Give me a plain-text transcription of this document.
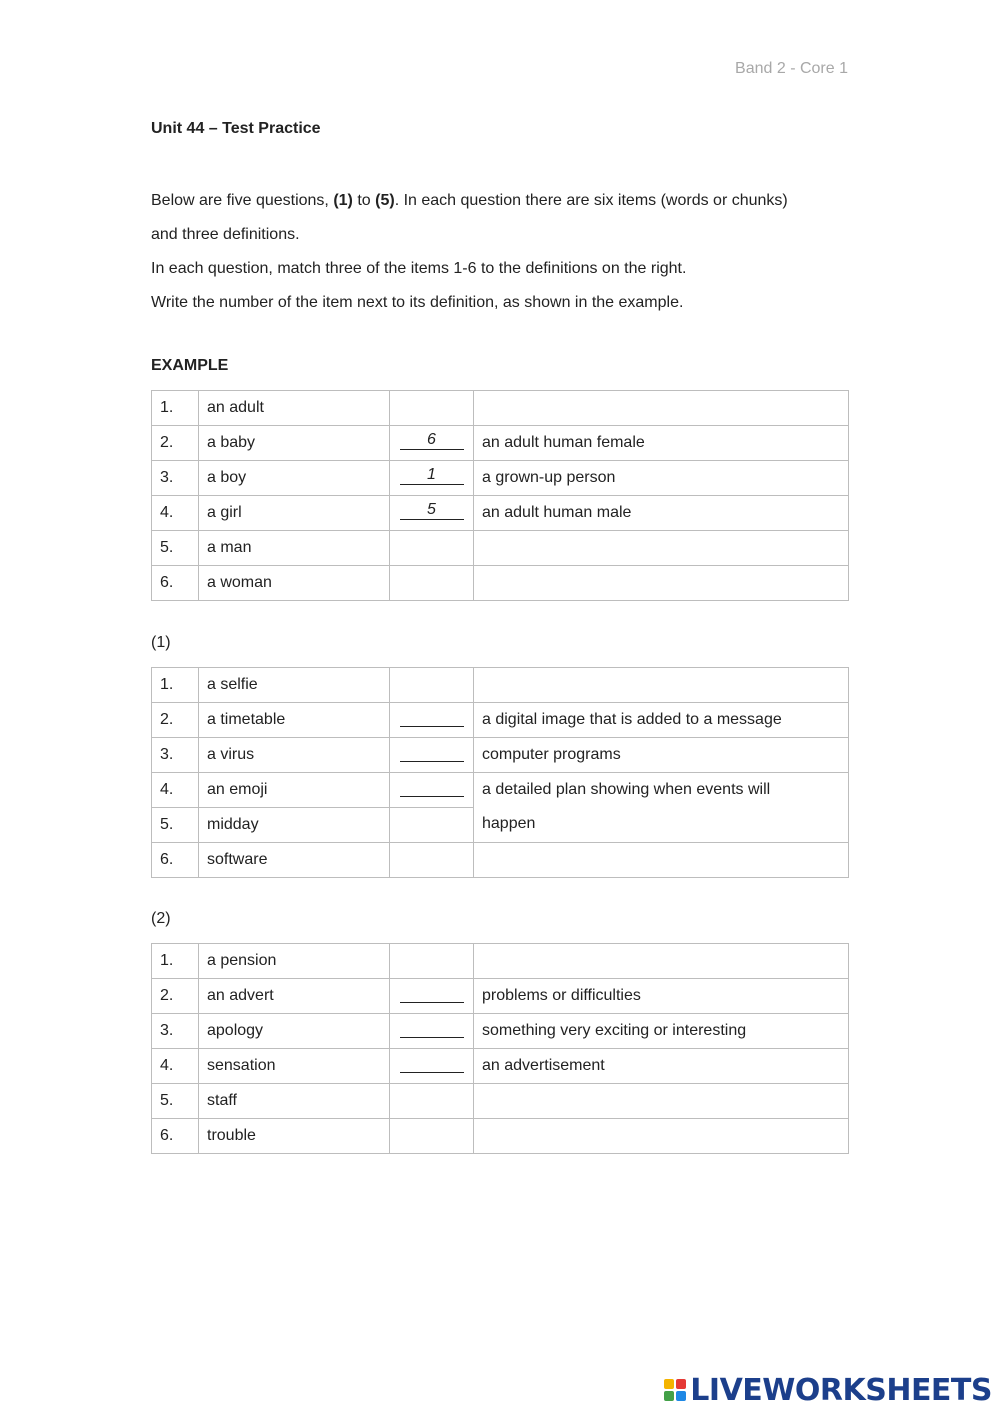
Band 2 - Core 1
Unit 44 – Test Practice

Below are five questions, (1) to (5). In each question there are six items (words or chunks)

and three definitions.

In each question, match three of the items 1-6 to the definitions on the right.

Write the number of the item next to its definition, as shown in the example.

EXAMPLE
1.	an adult		
2.	a baby	6	an adult human female
3.	a boy	1	a grown-up person
4.	a girl	5	an adult human male
5.	a man		
6.	a woman		
(1)
1.	a selfie		
2.	a timetable		a digital image that is added to a message
3.	a virus		computer programs
4.	an emoji		a detailed plan showing when events will
happen

5.	midday		
6.	software		
(2)
1.	a pension		
2.	an advert		problems or difficulties
3.	apology		something very exciting or interesting
4.	sensation		an advertisement
5.	staff		
6.	trouble		
LIVEWORKSHEETS
